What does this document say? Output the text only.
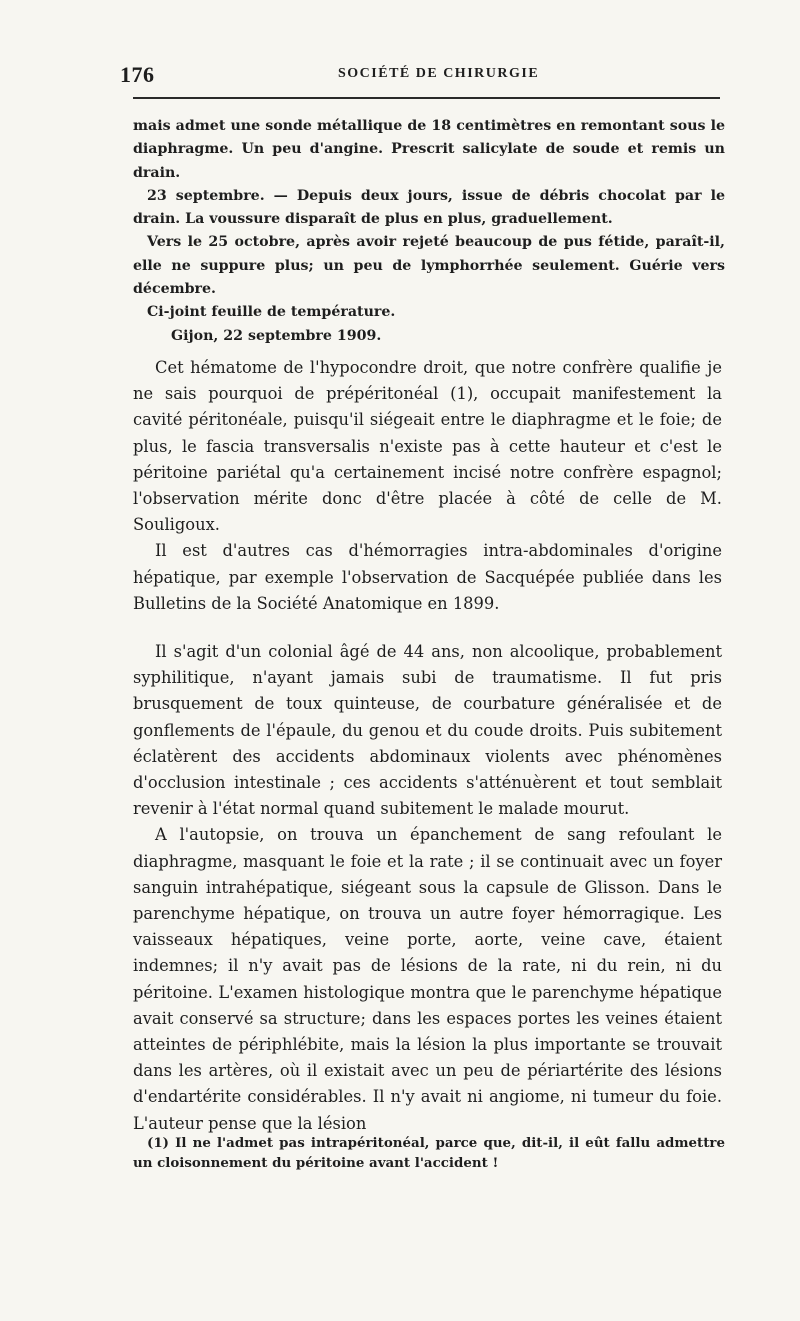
176	SOCIÉTÉ DE CHIRURGIE

mais admet une sonde métallique de 18 centimètres en remontant sous le diaphragme. Un peu d'angine. Prescrit salicylate de soude et remis un drain.

23 septembre. — Depuis deux jours, issue de débris chocolat par le drain. La voussure disparaît de plus en plus, graduellement.

Vers le 25 octobre, après avoir rejeté beaucoup de pus fétide, paraît-il, elle ne suppure plus; un peu de lymphorrhée seulement. Guérie vers décembre.

Ci-joint feuille de température.

Gijon, 22 septembre 1909.

Cet hématome de l'hypocondre droit, que notre confrère qualifie je ne sais pourquoi de prépéritonéal (1), occupait manifestement la cavité péritonéale, puisqu'il siégeait entre le diaphragme et le foie; de plus, le fascia transversalis n'existe pas à cette hauteur et c'est le péritoine pariétal qu'a certainement incisé notre confrère espagnol; l'observation mérite donc d'être placée à côté de celle de M. Souligoux.

Il est d'autres cas d'hémorragies intra-abdominales d'origine hépatique, par exemple l'observation de Sacquépée publiée dans les Bulletins de la Société Anatomique en 1899.

Il s'agit d'un colonial âgé de 44 ans, non alcoolique, probablement syphilitique, n'ayant jamais subi de traumatisme. Il fut pris brusquement de toux quinteuse, de courbature généralisée et de gonflements de l'épaule, du genou et du coude droits. Puis subitement éclatèrent des accidents abdominaux violents avec phénomènes d'occlusion intestinale ; ces accidents s'atténuèrent et tout semblait revenir à l'état normal quand subitement le malade mourut.

A l'autopsie, on trouva un épanchement de sang refoulant le diaphragme, masquant le foie et la rate ; il se continuait avec un foyer sanguin intrahépatique, siégeant sous la capsule de Glisson. Dans le parenchyme hépatique, on trouva un autre foyer hémorragique. Les vaisseaux hépatiques, veine porte, aorte, veine cave, étaient indemnes; il n'y avait pas de lésions de la rate, ni du rein, ni du péritoine. L'examen histologique montra que le parenchyme hépatique avait conservé sa structure; dans les espaces portes les veines étaient atteintes de périphlébite, mais la lésion la plus importante se trouvait dans les artères, où il existait avec un peu de périartérite des lésions d'endartérite considérables. Il n'y avait ni angiome, ni tumeur du foie. L'auteur pense que la lésion

(1) Il ne l'admet pas intrapéritonéal, parce que, dit-il, il eût fallu admettre un cloisonnement du péritoine avant l'accident !
